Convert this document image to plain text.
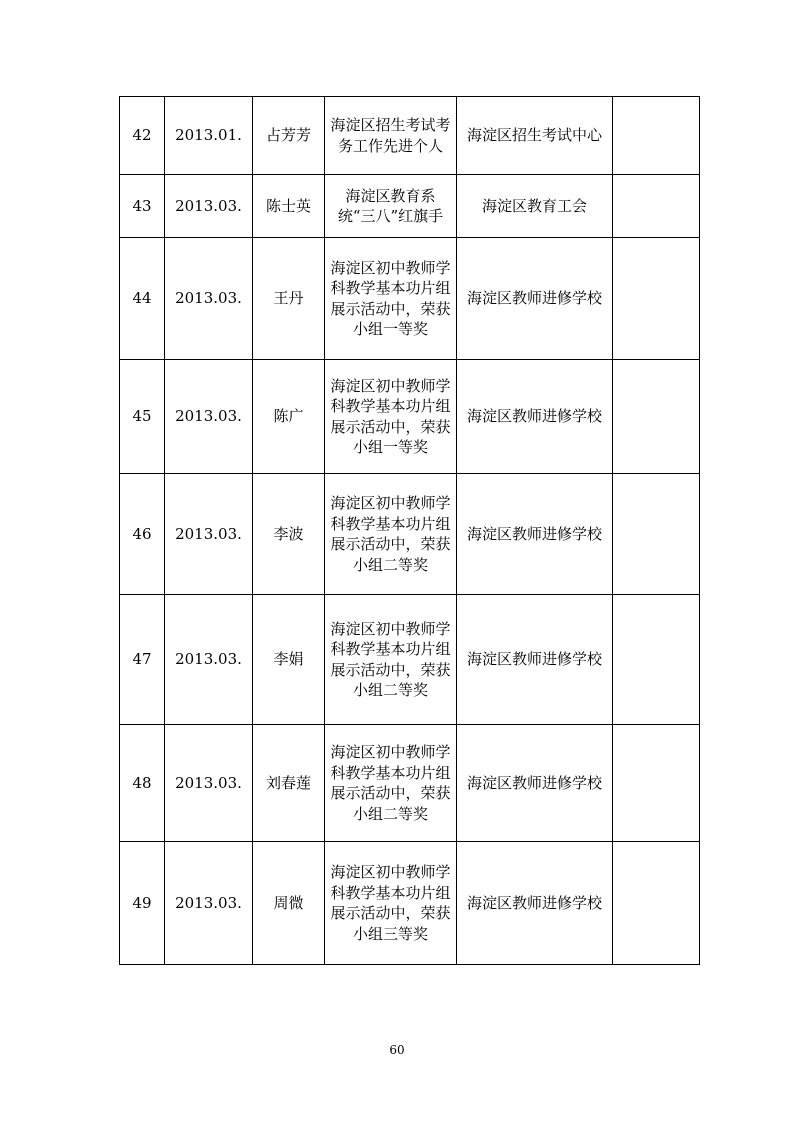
42	2013.01.	占芳芳	海淀区招生考试考务工作先进个人	海淀区招生考试中心	
43	2013.03.	陈士英	海淀区教育系统“三八”红旗手	海淀区教育工会	
44	2013.03.	王丹	海淀区初中教师学科教学基本功片组展示活动中，荣获小组一等奖	海淀区教师进修学校	
45	2013.03.	陈广	海淀区初中教师学科教学基本功片组展示活动中，荣获小组一等奖	海淀区教师进修学校	
46	2013.03.	李波	海淀区初中教师学科教学基本功片组展示活动中，荣获小组二等奖	海淀区教师进修学校	
47	2013.03.	李娟	海淀区初中教师学科教学基本功片组展示活动中，荣获小组二等奖	海淀区教师进修学校	
48	2013.03.	刘春莲	海淀区初中教师学科教学基本功片组展示活动中，荣获小组二等奖	海淀区教师进修学校	
49	2013.03.	周微	海淀区初中教师学科教学基本功片组展示活动中，荣获小组三等奖	海淀区教师进修学校	
60
